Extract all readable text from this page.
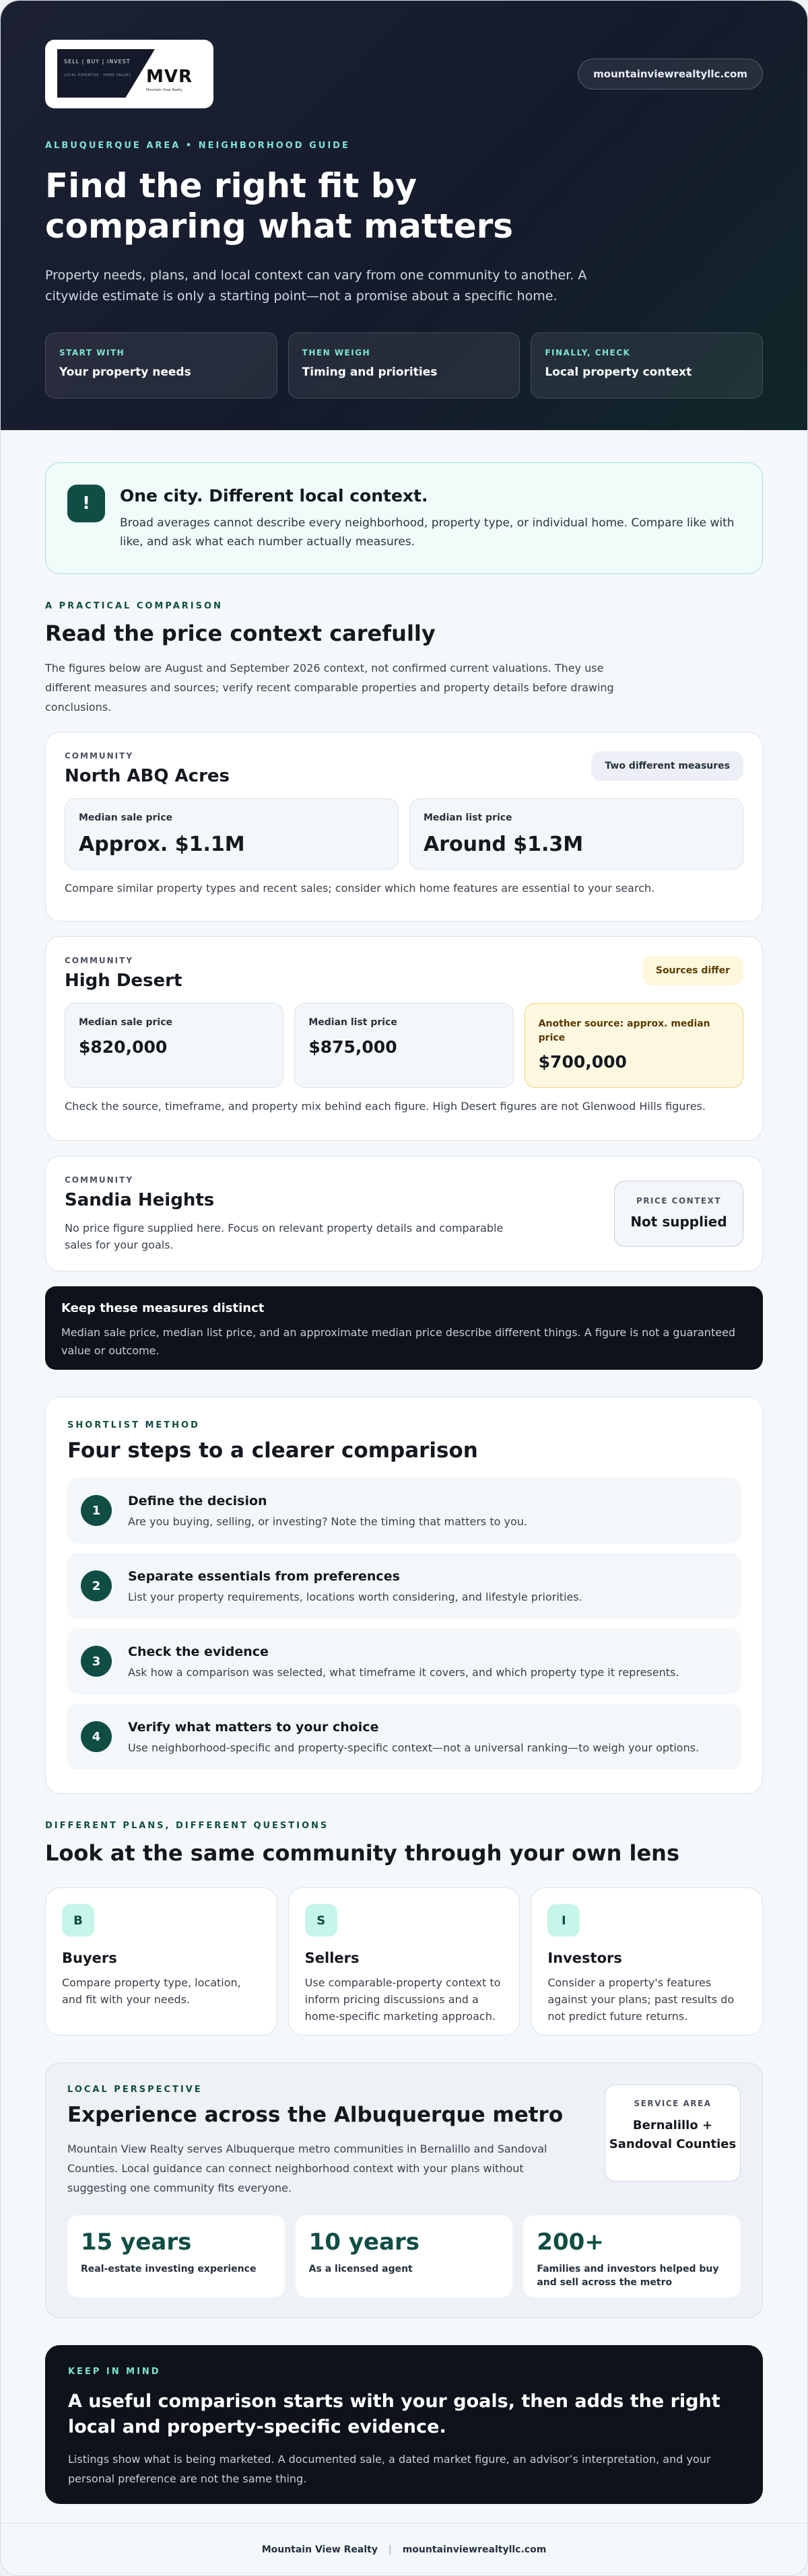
SELL | BUY | INVEST
LOCAL EXPERTISE · HOME VALUES MVR
Mountain View Realty
mountainviewrealtyllc.com
ALBUQUERQUE AREA • NEIGHBORHOOD GUIDE
Find the right fit by comparing what matters

Property needs, plans, and local context can vary from one community to another. A citywide estimate is only a starting point—not a promise about a specific home.

START WITH
Your property needs
THEN WEIGH
Timing and priorities
FINALLY, CHECK
Local property context
!	One city. Different local context.

Broad averages cannot describe every neighborhood, property type, or individual home. Compare like with like, and ask what each number actually measures.

A PRACTICAL COMPARISON
Read the price context carefully

The figures below are August and September 2026 context, not confirmed current valuations. They use different measures and sources; verify recent comparable properties and property details before drawing conclusions.

COMMUNITY
North ABQ Acres	Two different measures
Median sale price
Approx. $1.1M
Median list price
Around $1.3M

Compare similar property types and recent sales; consider which home features are essential to your search.

COMMUNITY
High Desert	Sources differ
Median sale price
$820,000
Median list price
$875,000
Another source: approx. median price
$700,000

Check the source, timeframe, and property mix behind each figure. High Desert figures are not Glenwood Hills figures.

COMMUNITY
Sandia Heights

No price figure supplied here. Focus on relevant property details and comparable sales for your goals.

PRICE CONTEXT
Not supplied
Keep these measures distinct

Median sale price, median list price, and an approximate median price describe different things. A figure is not a guaranteed value or outcome.

SHORTLIST METHOD
Four steps to a clearer comparison
1
Define the decision
Are you buying, selling, or investing? Note the timing that matters to you.
2
Separate essentials from preferences
List your property requirements, locations worth considering, and lifestyle priorities.
3
Check the evidence
Ask how a comparison was selected, what timeframe it covers, and which property type it represents.
4
Verify what matters to your choice
Use neighborhood-specific and property-specific context—not a universal ranking—to weigh your options.
DIFFERENT PLANS, DIFFERENT QUESTIONS
Look at the same community through your own lens
B
Buyers

Compare property type, location, and fit with your needs.

S
Sellers

Use comparable-property context to inform pricing discussions and a home-specific marketing approach.

I
Investors

Consider a property's features against your plans; past results do not predict future returns.

LOCAL PERSPECTIVE
Experience across the Albuquerque metro

Mountain View Realty serves Albuquerque metro communities in Bernalillo and Sandoval Counties. Local guidance can connect neighborhood context with your plans without suggesting one community fits everyone.

SERVICE AREA
Bernalillo + Sandoval Counties
15 years
Real-estate investing experience
10 years
As a licensed agent
200+
Families and investors helped buy and sell across the metro
KEEP IN MIND
A useful comparison starts with your goals, then adds the right local and property-specific evidence.

Listings show what is being marketed. A documented sale, a dated market figure, an advisor’s interpretation, and your personal preference are not the same thing.

Mountain View Realty | mountainviewrealtyllc.com
